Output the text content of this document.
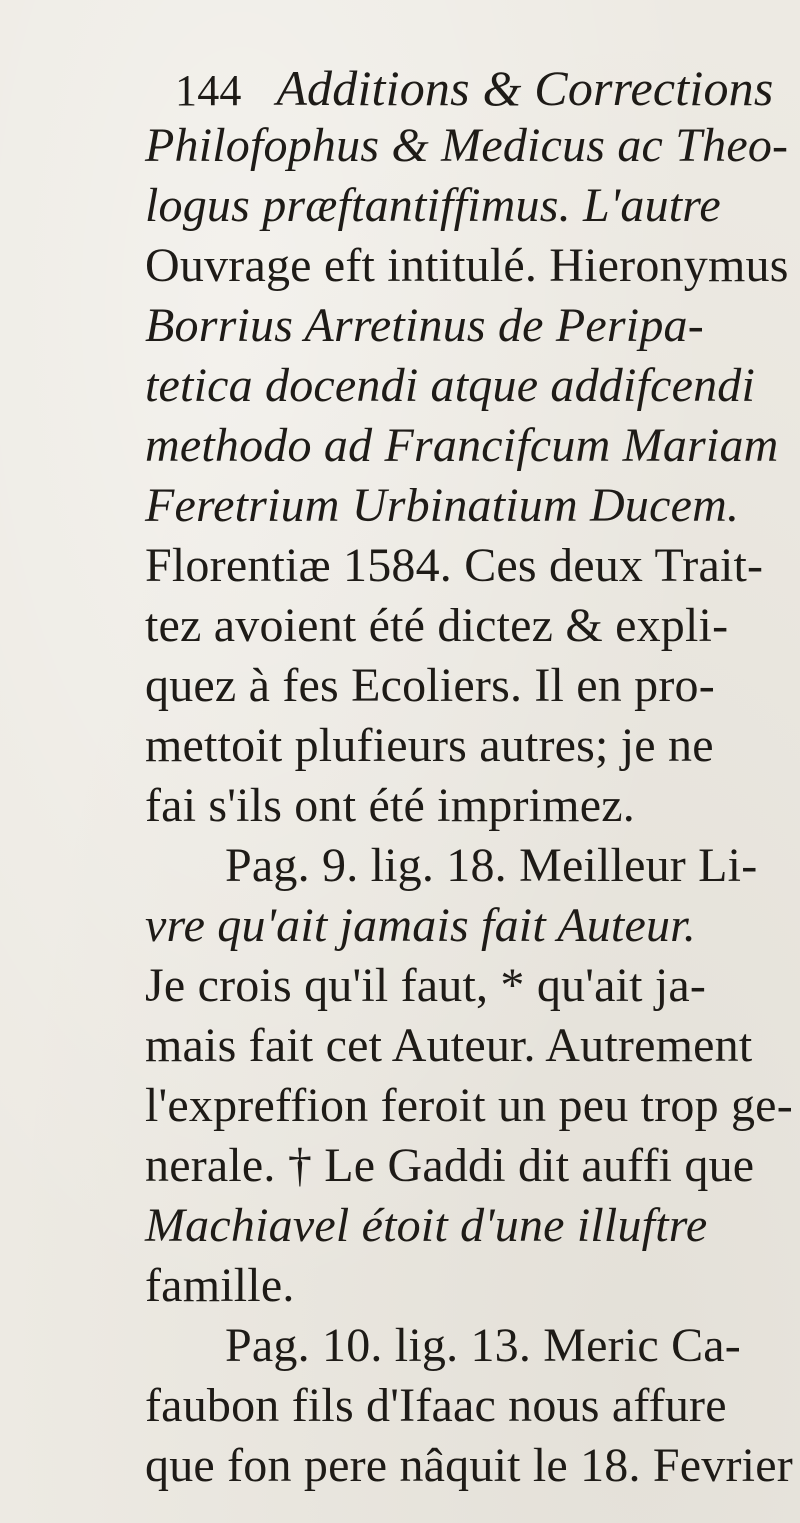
144 Additions & Corrections
Philofophus & Medicus ac Theo-
logus præftantiffimus. L'autre
Ouvrage eft intitulé. Hieronymus
Borrius Arretinus de Peripa-
tetica docendi atque addifcendi
methodo ad Francifcum Mariam
Feretrium Urbinatium Ducem.
Florentiæ 1584. Ces deux Trait-
tez avoient été dictez & expli-
quez à fes Ecoliers. Il en pro-
mettoit plufieurs autres; je ne
fai s'ils ont été imprimez.
Pag. 9. lig. 18. Meilleur Li-
vre qu'ait jamais fait Auteur.
Je crois qu'il faut, * qu'ait ja-
mais fait cet Auteur. Autrement
l'expreffion feroit un peu trop ge-
nerale. † Le Gaddi dit auffi que
Machiavel étoit d'une illuftre
famille.
Pag. 10. lig. 13. Meric Ca-
faubon fils d'Ifaac nous affure
que fon pere nâquit le 18. Fevrier
